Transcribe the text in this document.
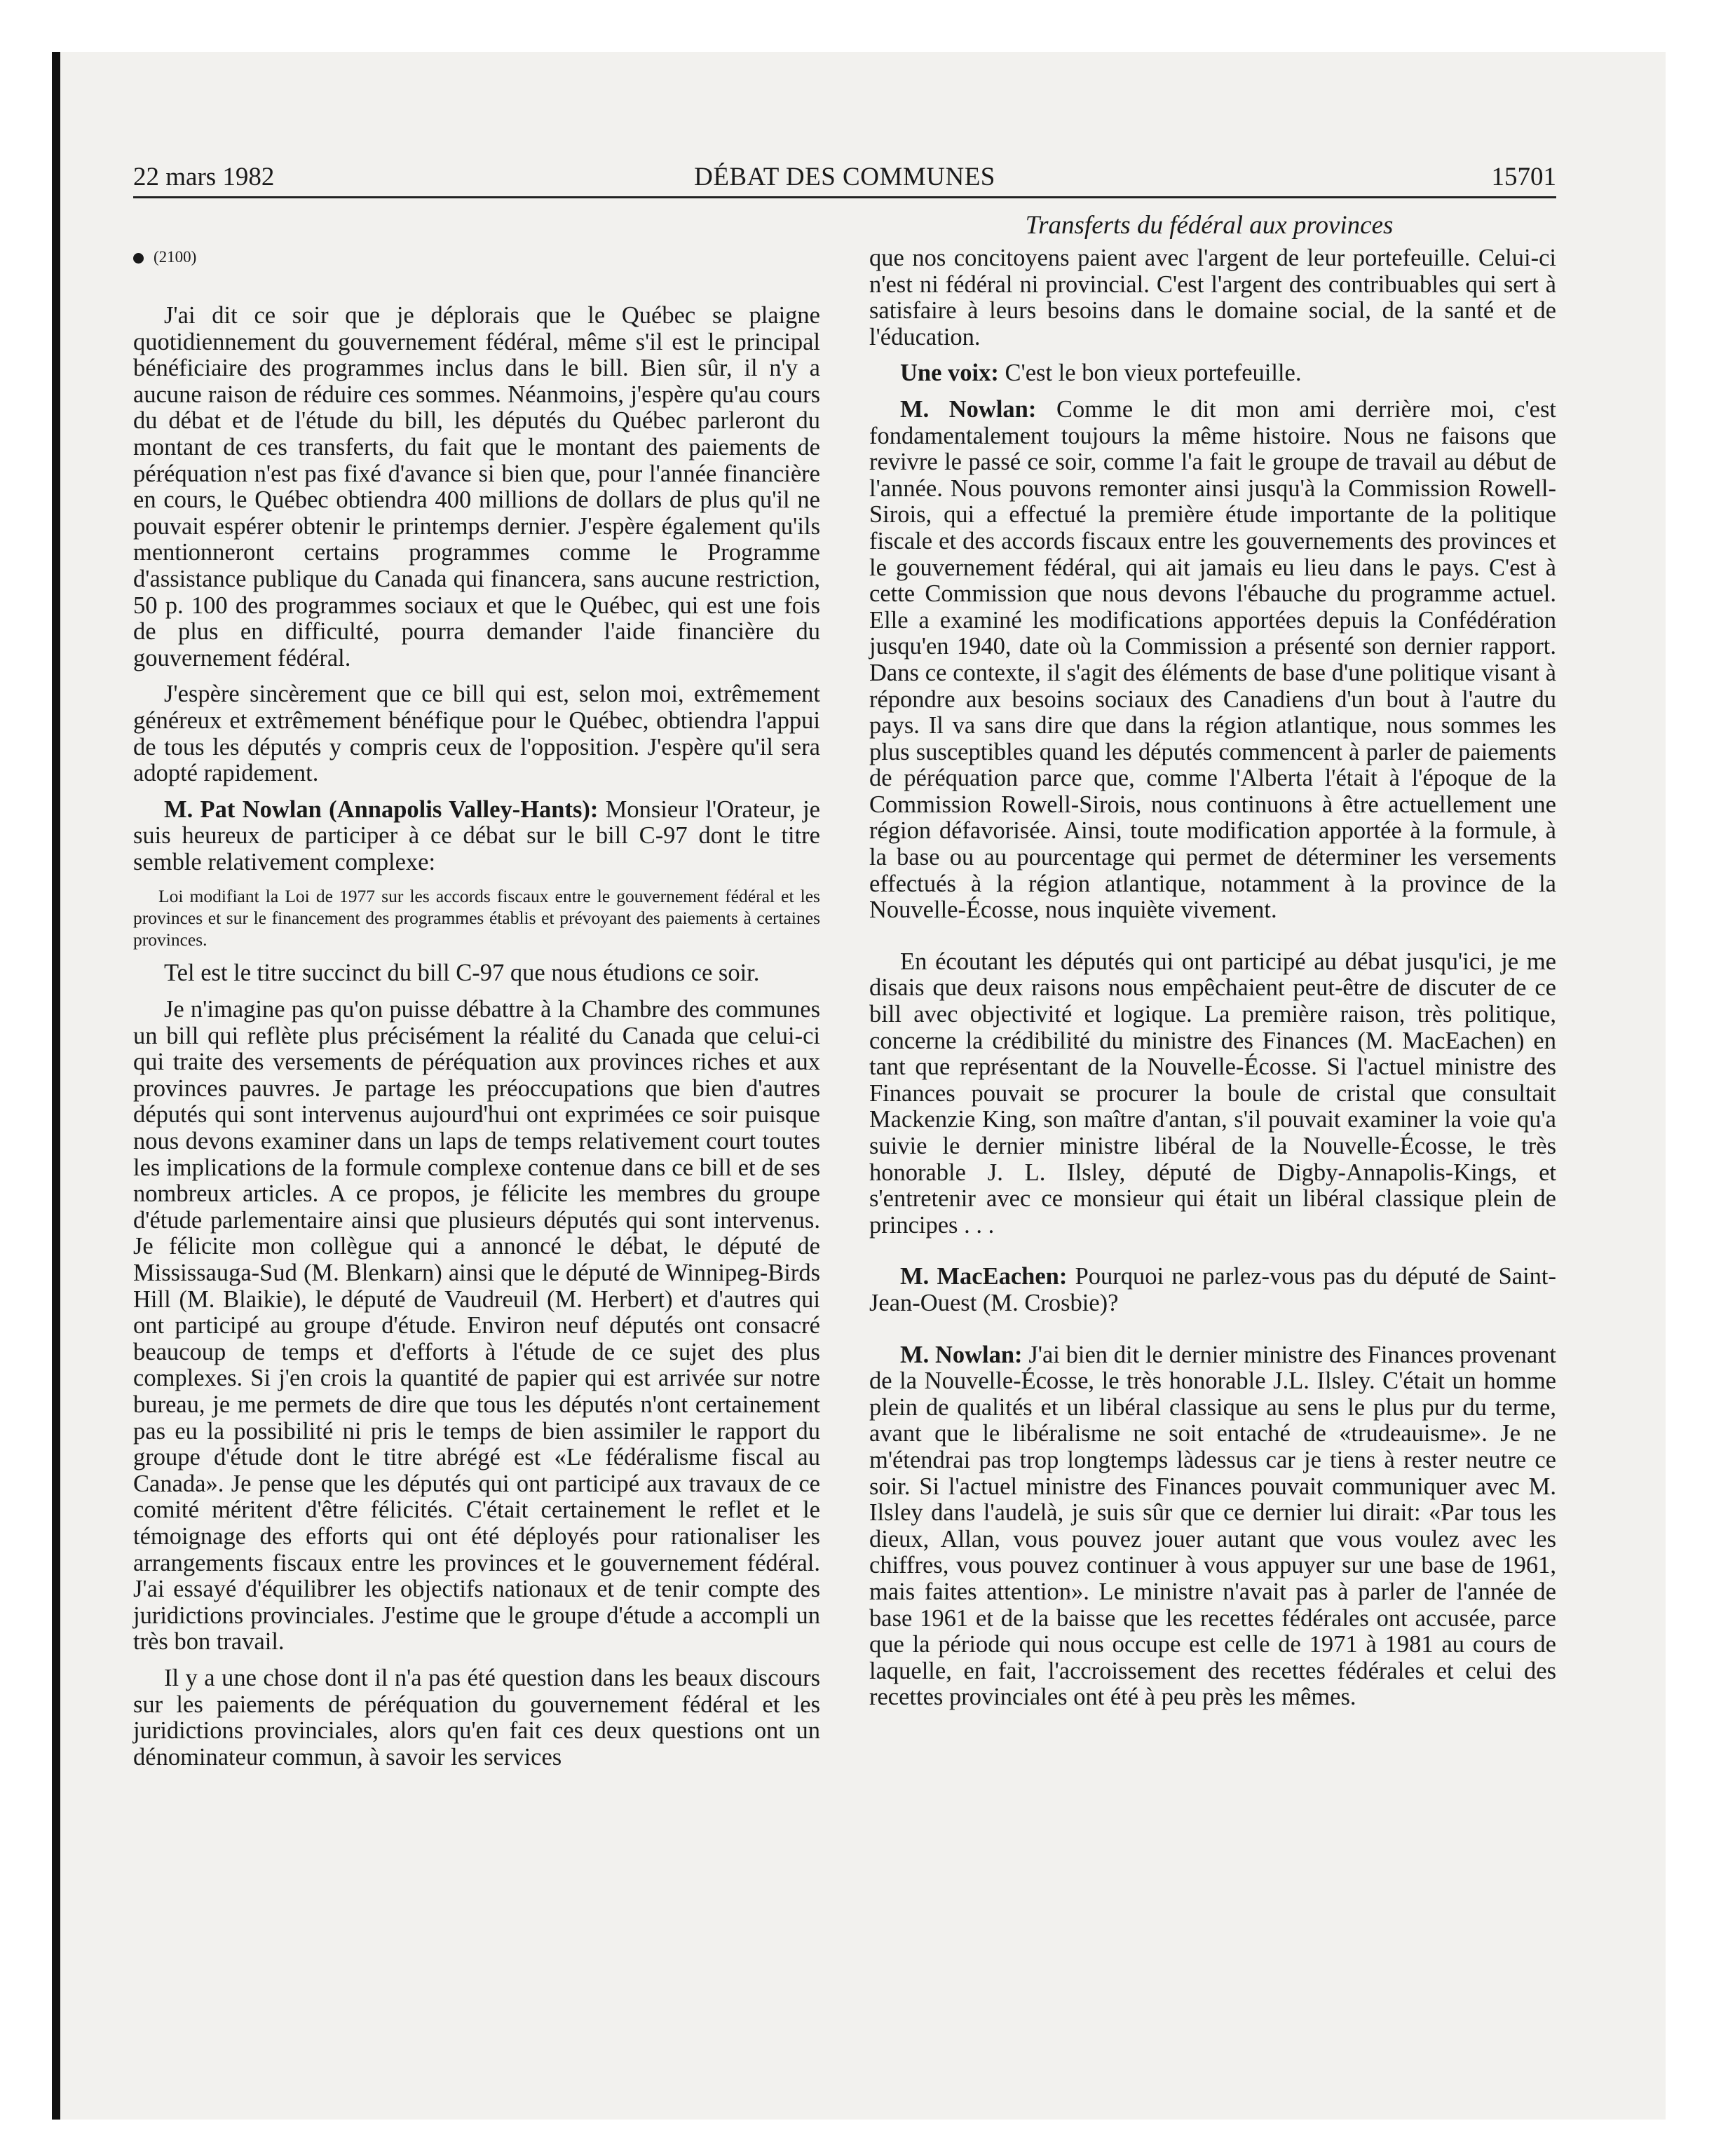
22 mars 1982	DÉBAT DES COMMUNES	15701
Transferts du fédéral aux provinces
(2100)

J'ai dit ce soir que je déplorais que le Québec se plaigne quotidiennement du gouvernement fédéral, même s'il est le principal bénéficiaire des programmes inclus dans le bill. Bien sûr, il n'y a aucune raison de réduire ces sommes. Néanmoins, j'espère qu'au cours du débat et de l'étude du bill, les députés du Québec parleront du montant de ces transferts, du fait que le montant des paiements de péréquation n'est pas fixé d'avance si bien que, pour l'année financière en cours, le Québec obtiendra 400 millions de dollars de plus qu'il ne pouvait espérer obtenir le printemps dernier. J'espère également qu'ils mentionneront certains programmes comme le Programme d'assistance publique du Canada qui financera, sans aucune restriction, 50 p. 100 des programmes sociaux et que le Québec, qui est une fois de plus en difficulté, pourra demander l'aide financière du gouvernement fédéral.

J'espère sincèrement que ce bill qui est, selon moi, extrêmement généreux et extrêmement bénéfique pour le Québec, obtiendra l'appui de tous les députés y compris ceux de l'opposition. J'espère qu'il sera adopté rapidement.

M. Pat Nowlan (Annapolis Valley-Hants): Monsieur l'Orateur, je suis heureux de participer à ce débat sur le bill C-97 dont le titre semble relativement complexe:

Loi modifiant la Loi de 1977 sur les accords fiscaux entre le gouvernement fédéral et les provinces et sur le financement des programmes établis et prévoyant des paiements à certaines provinces.

Tel est le titre succinct du bill C-97 que nous étudions ce soir.

Je n'imagine pas qu'on puisse débattre à la Chambre des communes un bill qui reflète plus précisément la réalité du Canada que celui-ci qui traite des versements de péréquation aux provinces riches et aux provinces pauvres. Je partage les préoccupations que bien d'autres députés qui sont intervenus aujourd'hui ont exprimées ce soir puisque nous devons examiner dans un laps de temps relativement court toutes les implications de la formule complexe contenue dans ce bill et de ses nombreux articles. A ce propos, je félicite les membres du groupe d'étude parlementaire ainsi que plusieurs députés qui sont intervenus. Je félicite mon collègue qui a annoncé le débat, le député de Mississauga-Sud (M. Blenkarn) ainsi que le député de Winnipeg-Birds Hill (M. Blaikie), le député de Vaudreuil (M. Herbert) et d'autres qui ont participé au groupe d'étude. Environ neuf députés ont consacré beaucoup de temps et d'efforts à l'étude de ce sujet des plus complexes. Si j'en crois la quantité de papier qui est arrivée sur notre bureau, je me permets de dire que tous les députés n'ont certainement pas eu la possibilité ni pris le temps de bien assimiler le rapport du groupe d'étude dont le titre abrégé est «Le fédéralisme fiscal au Canada». Je pense que les députés qui ont participé aux travaux de ce comité méritent d'être félicités. C'était certainement le reflet et le témoignage des efforts qui ont été déployés pour rationaliser les arrangements fiscaux entre les provinces et le gouvernement fédéral. J'ai essayé d'équilibrer les objectifs nationaux et de tenir compte des juridictions provinciales. J'estime que le groupe d'étude a accompli un très bon travail.

Il y a une chose dont il n'a pas été question dans les beaux discours sur les paiements de péréquation du gouvernement fédéral et les juridictions provinciales, alors qu'en fait ces deux questions ont un dénominateur commun, à savoir les services

que nos concitoyens paient avec l'argent de leur portefeuille. Celui-ci n'est ni fédéral ni provincial. C'est l'argent des contribuables qui sert à satisfaire à leurs besoins dans le domaine social, de la santé et de l'éducation.

Une voix: C'est le bon vieux portefeuille.

M. Nowlan: Comme le dit mon ami derrière moi, c'est fondamentalement toujours la même histoire. Nous ne faisons que revivre le passé ce soir, comme l'a fait le groupe de travail au début de l'année. Nous pouvons remonter ainsi jusqu'à la Commission Rowell-Sirois, qui a effectué la première étude importante de la politique fiscale et des accords fiscaux entre les gouvernements des provinces et le gouvernement fédéral, qui ait jamais eu lieu dans le pays. C'est à cette Commission que nous devons l'ébauche du programme actuel. Elle a examiné les modifications apportées depuis la Confédération jusqu'en 1940, date où la Commission a présenté son dernier rapport. Dans ce contexte, il s'agit des éléments de base d'une politique visant à répondre aux besoins sociaux des Canadiens d'un bout à l'autre du pays. Il va sans dire que dans la région atlantique, nous sommes les plus susceptibles quand les députés commencent à parler de paiements de péréquation parce que, comme l'Alberta l'était à l'époque de la Commission Rowell-Sirois, nous continuons à être actuellement une région défavorisée. Ainsi, toute modification apportée à la formule, à la base ou au pourcentage qui permet de déterminer les versements effectués à la région atlantique, notamment à la province de la Nouvelle-Écosse, nous inquiète vivement.

En écoutant les députés qui ont participé au débat jusqu'ici, je me disais que deux raisons nous empêchaient peut-être de discuter de ce bill avec objectivité et logique. La première raison, très politique, concerne la crédibilité du ministre des Finances (M. MacEachen) en tant que représentant de la Nouvelle-Écosse. Si l'actuel ministre des Finances pouvait se procurer la boule de cristal que consultait Mackenzie King, son maître d'antan, s'il pouvait examiner la voie qu'a suivie le dernier ministre libéral de la Nouvelle-Écosse, le très honorable J. L. Ilsley, député de Digby-Annapolis-Kings, et s'entretenir avec ce monsieur qui était un libéral classique plein de principes . . .

M. MacEachen: Pourquoi ne parlez-vous pas du député de Saint-Jean-Ouest (M. Crosbie)?

M. Nowlan: J'ai bien dit le dernier ministre des Finances provenant de la Nouvelle-Écosse, le très honorable J.L. Ilsley. C'était un homme plein de qualités et un libéral classique au sens le plus pur du terme, avant que le libéralisme ne soit entaché de «trudeauisme». Je ne m'étendrai pas trop longtemps làdessus car je tiens à rester neutre ce soir. Si l'actuel ministre des Finances pouvait communiquer avec M. Ilsley dans l'audelà, je suis sûr que ce dernier lui dirait: «Par tous les dieux, Allan, vous pouvez jouer autant que vous voulez avec les chiffres, vous pouvez continuer à vous appuyer sur une base de 1961, mais faites attention». Le ministre n'avait pas à parler de l'année de base 1961 et de la baisse que les recettes fédérales ont accusée, parce que la période qui nous occupe est celle de 1971 à 1981 au cours de laquelle, en fait, l'accroissement des recettes fédérales et celui des recettes provinciales ont été à peu près les mêmes.
